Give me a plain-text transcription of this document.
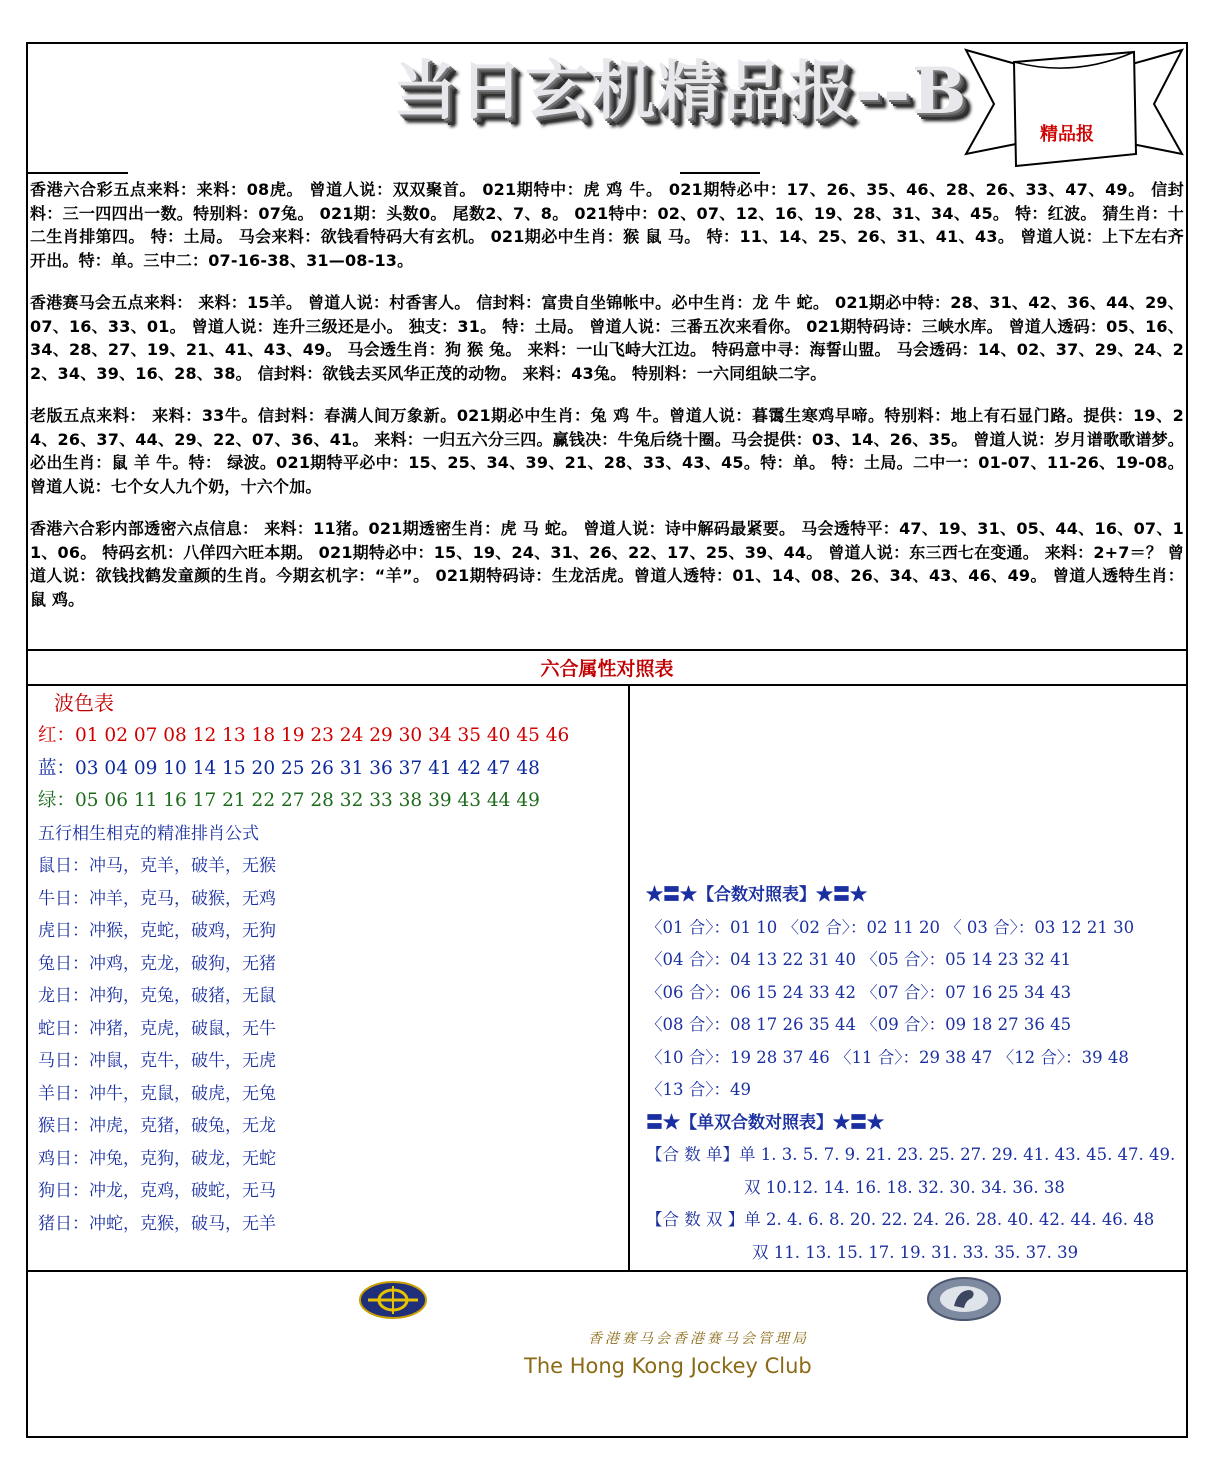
当日玄机精品报--B
精品报

香港六合彩五点来料：来料：08虎。 曾道人说：双双聚首。 021期特中：虎 鸡 牛。 021期特必中：17、26、35、46、28、26、33、47、49。 信封料：三一四四出一数。特别料：07兔。 021期：头数0。 尾数2、7、8。 021特中：02、07、12、16、19、28、31、34、45。 特：红波。 猜生肖：十二生肖排第四。 特：土局。 马会来料：欲钱看特码大有玄机。 021期必中生肖：猴 鼠 马。 特：11、14、25、26、31、41、43。 曾道人说：上下左右齐开出。特：单。三中二：07-16-38、31—08-13。

香港赛马会五点来料： 来料：15羊。 曾道人说：村香害人。 信封料：富贵自坐锦帐中。必中生肖：龙 牛 蛇。 021期必中特：28、31、42、36、44、29、07、16、33、01。 曾道人说：连升三级还是小。 独支：31。 特：土局。 曾道人说：三番五次来看你。 021期特码诗：三峡水库。 曾道人透码：05、16、34、28、27、19、21、41、43、49。 马会透生肖：狗 猴 兔。 来料：一山飞峙大江边。 特码意中寻：海誓山盟。 马会透码：14、02、37、29、24、22、34、39、16、28、38。 信封料：欲钱去买风华正茂的动物。 来料：43兔。 特别料：一六同组缺二字。

老版五点来料： 来料：33牛。信封料：春满人间万象新。021期必中生肖：兔 鸡 牛。曾道人说：暮霭生寒鸡早啼。特别料：地上有石显门路。提供：19、24、26、37、44、29、22、07、36、41。 来料：一归五六分三四。赢钱决：牛兔后绕十圈。马会提供：03、14、26、35。 曾道人说：岁月谱歌歌谱梦。必出生肖：鼠 羊 牛。特： 绿波。021期特平必中：15、25、34、39、21、28、33、43、45。特：单。 特：土局。二中一：01-07、11-26、19-08。曾道人说：七个女人九个奶，十六个加。

香港六合彩内部透密六点信息： 来料：11猪。021期透密生肖：虎 马 蛇。 曾道人说：诗中解码最紧要。 马会透特平：47、19、31、05、44、16、07、11、06。 特码玄机：八佯四六旺本期。 021期特必中：15、19、24、31、26、22、17、25、39、44。 曾道人说：东三西七在变通。 来料：2+7＝？ 曾道人说：欲钱找鹤发童颜的生肖。今期玄机字：“羊”。 021期特码诗：生龙活虎。曾道人透特：01、14、08、26、34、43、46、49。 曾道人透特生肖：鼠 鸡。

六合属性对照表
波色表
红：01 02 07 08 12 13 18 19 23 24 29 30 34 35 40 45 46
蓝：03 04 09 10 14 15 20 25 26 31 36 37 41 42 47 48
绿：05 06 11 16 17 21 22 27 28 32 33 38 39 43 44 49
五行相生相克的精准排肖公式
鼠日：冲马，克羊，破羊，无猴
牛日：冲羊，克马，破猴，无鸡
虎日：冲猴，克蛇，破鸡，无狗
兔日：冲鸡，克龙，破狗，无猪
龙日：冲狗，克兔，破猪，无鼠
蛇日：冲猪，克虎，破鼠，无牛
马日：冲鼠，克牛，破牛，无虎
羊日：冲牛，克鼠，破虎，无兔
猴日：冲虎，克猪，破兔，无龙
鸡日：冲兔，克狗，破龙，无蛇
狗日：冲龙，克鸡，破蛇，无马
猪日：冲蛇，克猴，破马，无羊
★〓★【合数对照表】★〓★
〈01 合〉：01 10 〈02 合〉：02 11 20 〈 03 合〉：03 12 21 30
〈04 合〉：04 13 22 31 40 〈05 合〉：05 14 23 32 41
〈06 合〉：06 15 24 33 42 〈07 合〉：07 16 25 34 43
〈08 合〉：08 17 26 35 44 〈09 合〉：09 18 27 36 45
〈10 合〉：19 28 37 46 〈11 合〉：29 38 47 〈12 合〉：39 48
〈13 合〉：49
〓★【单双合数对照表】★〓★
【合 数 单】单 1. 3. 5. 7. 9. 21. 23. 25. 27. 29. 41. 43. 45. 47. 49.
双 10.12. 14. 16. 18. 32. 30. 34. 36. 38
【合 数 双 】单 2. 4. 6. 8. 20. 22. 24. 26. 28. 40. 42. 44. 46. 48
双 11. 13. 15. 17. 19. 31. 33. 35. 37. 39
香港赛马会香港赛马会管理局
The Hong Kong Jockey Club
